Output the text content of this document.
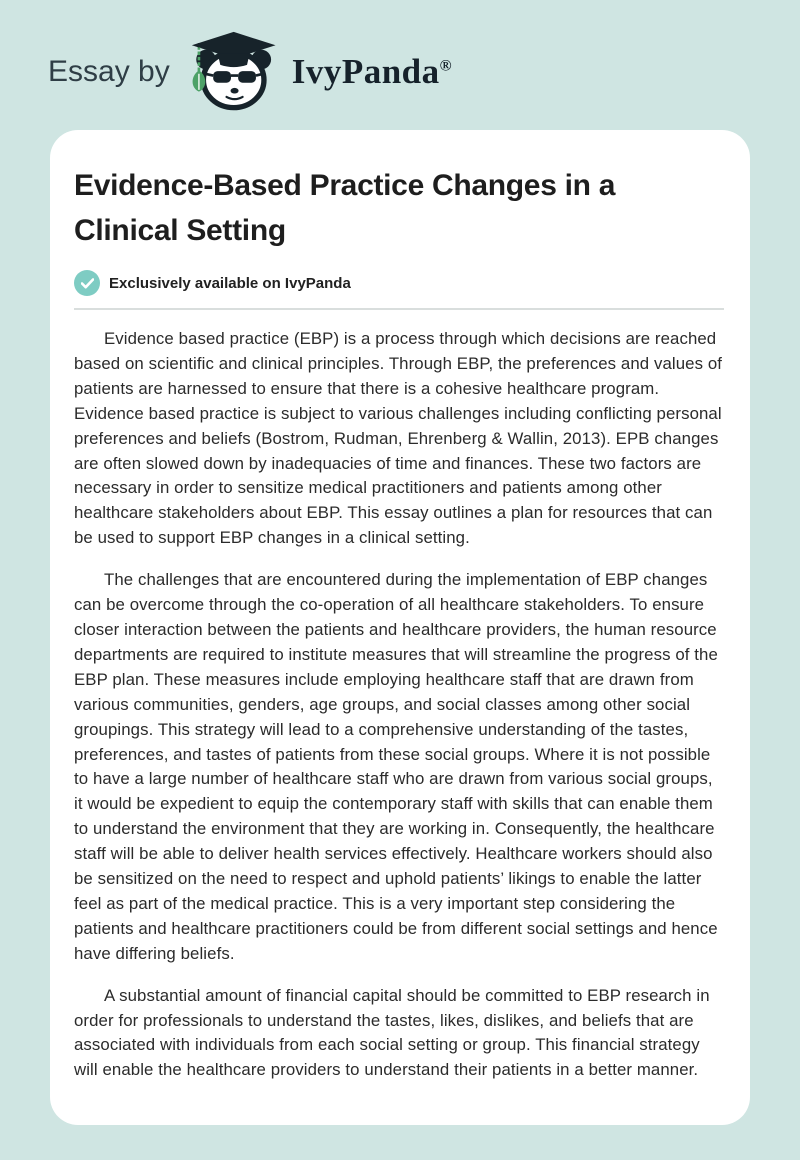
Essay by	IvyPanda®
Evidence-Based Practice Changes in a Clinical Setting
Exclusively available on IvyPanda

Evidence based practice (EBP) is a process through which decisions are reached based on scientific and clinical principles. Through EBP, the preferences and values of patients are harnessed to ensure that there is a cohesive healthcare program. Evidence based practice is subject to various challenges including conflicting personal preferences and beliefs (Bostrom, Rudman, Ehrenberg & Wallin, 2013). EPB changes are often slowed down by inadequacies of time and finances. These two factors are necessary in order to sensitize medical practitioners and patients among other healthcare stakeholders about EBP. This essay outlines a plan for resources that can be used to support EBP changes in a clinical setting.

The challenges that are encountered during the implementation of EBP changes can be overcome through the co-operation of all healthcare stakeholders. To ensure closer interaction between the patients and healthcare providers, the human resource departments are required to institute measures that will streamline the progress of the EBP plan. These measures include employing healthcare staff that are drawn from various communities, genders, age groups, and social classes among other social groupings. This strategy will lead to a comprehensive understanding of the tastes, preferences, and tastes of patients from these social groups. Where it is not possible to have a large number of healthcare staff who are drawn from various social groups, it would be expedient to equip the contemporary staff with skills that can enable them to understand the environment that they are working in. Consequently, the healthcare staff will be able to deliver health services effectively. Healthcare workers should also be sensitized on the need to respect and uphold patients’ likings to enable the latter feel as part of the medical practice. This is a very important step considering the patients and healthcare practitioners could be from different social settings and hence have differing beliefs.

A substantial amount of financial capital should be committed to EBP research in order for professionals to understand the tastes, likes, dislikes, and beliefs that are associated with individuals from each social setting or group. This financial strategy will enable the healthcare providers to understand their patients in a better manner.
